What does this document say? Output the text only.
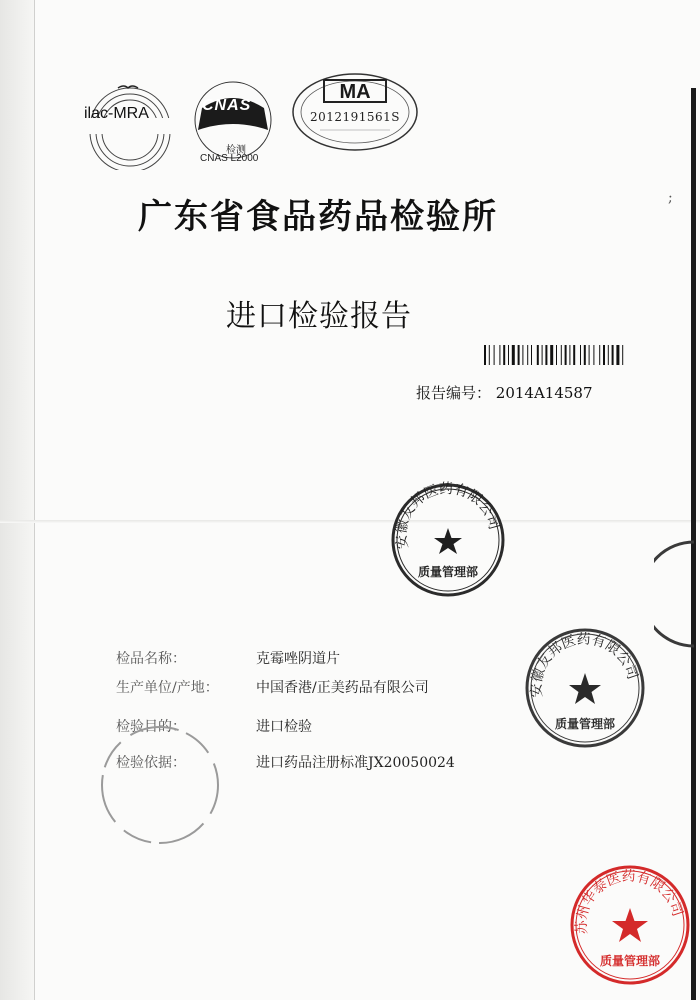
ilac-MRA	CNAS
检测
CNAS L2000
MA
2012191561S
广东省食品药品检验所
进口检验报告
报告编号： 2014A14587
检品名称：	克霉唑阴道片
生产单位/产地：	中国香港/正美药品有限公司
检验目的：	进口检验
检验依据：	进口药品注册标准JX20050024
安徽友邦医药有限公司
质量管理部
安徽友邦医药有限公司
质量管理部
苏州华泰医药有限公司
质量管理部
;
